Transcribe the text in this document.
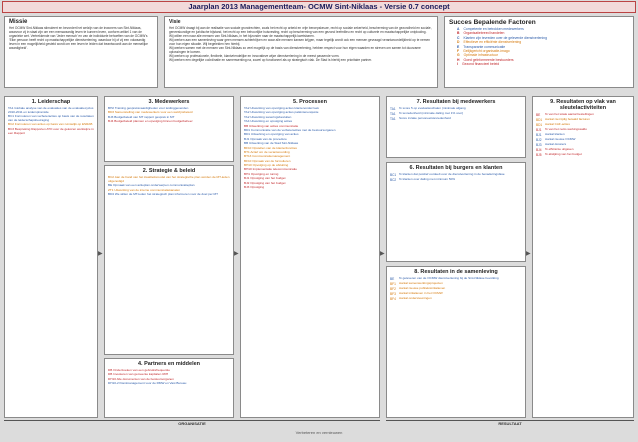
Jaarplan 2013 Managementteam- OCMW Sint-Niklaas - Versie 0.7 concept
Missie
Het OCMW Sint-Niklaas stimuleert en bevordert het welzijn van de inwoners van Sint-Niklaas, waarvoor zij in staat zijn om een menswaardig leven te kunnen leven, conform artikel 1 van de organieke wet. Vertrekkende van 'Jeder mensch' en van de individuele behoeften van de OCMW's 'Elke persoon heeft recht op maatschappelijke dienstverlening, waardoor hij of zij een volwaardig leven in een mogelijkheid gesteld wordt om een leven te leiden dat beantwoordt aan de menselijke waardigheid'.
Visie
Het OCMW draagt bij aan de realisatie van sociale grondrechten, zoals het recht op arbeid en vrije beroepskeuze, recht op sociale zekerheid, bescherming van de gezondheid en sociale, geneeskundige en juridische bijstand, het recht op een behoorlijke huisvesting, recht op bescherming van een gezond leefmilieu en recht op culturele en maatschappelijke ontplooiing.
Wij willen een naar alle mensen van Sint-Niklaas, in het bijzonder naar de maatschappelijk kwetsbaren.
Wij werken aan een samenleving waar geen mensen achterblijven en waar alle mensen kansen krijgen, maar tegelijk wordt ook een mensen gevraagd verantwoordelijkheid op te nemen voor hun eigen situatie. Wij begeleiden hen hierbij.
Wij werken samen met de mensen van Sint-Niklaas zo veel mogelijk op de basis van dienstverlening, hebben respect voor hun eigen waarden en streven om samen tot duurzame oplossingen te komen.
Wij werken op professionele, flexibele, klantvriendelijke en innovatieve wijze dienstverlening in de meest passende vorm.
Wij werken een degelijke coördinatie en samenwerking na, zowel op functioneel als op strategisch vlak. De Stad is hierbij een prioritaire partner.
Succes Bepalende Factoren
A Competente en betrokken medewerkers
B Organisatiebreed handelen
C Klanten zijn tevreden over de geleverde dienstverlening
D Effectieve en efficiënte dienstverlening
E Transparante communicatie
F Gelijkgericht organisatie-imago
G Optimale infrastructuur
H Goed geïnformeerde bestuurders
I Gezond financieel beleid
1. Leiderschap
TA1 Globale analyse van de evaluaties van de evaluatiecyclus 2010-2011 en leiderspiramide
BC1 Formuleren van verbeteracties op basis van de resultaten van de leiderschapsbevraging
BC2 Formuleren van acties op basis van ruimtelijk op ESRAB
BC3 Bespreking Rapporten ATO over de gekozen werkwijze in een Rapport
3. Medewerkers
BH2 Training gespreksvaardigheden voor leidinggevenden
BD3 Samenstelling van medewerkers voor een welzijnsbeleid
BJ3 Budgetbeleid van MT rapport gesprek in MT
BJ4 Budgetbeleid plannen en opvolging binnen budgetbeheer
2. Strategie & beleid
BC2 Aan de hand van het kwaliteitsmodel van het strategische plan worden de MT-leden uitgenodigd
BE Opmaak van een actieplan onderwerpen communicatieplan
ZT1 Uitwerking van de interne communicatiekanalen
BD4 We willen de MT-leden het strategisch plan informeren voor de doel per MT
4. Partners en middelen
DB Onderzoeken van een gebruiksfrequentie
DB Investeren van gemeente kapitalen IWH
DH10 Alle documenten van de bestuursorganen
DH10-2 Klantmanagement voor de RMW en Vast Bureau
5. Processen
TA2 Uitwerking van opvolging acties klantenonderzoek
TA2 Uitwerking van opvolging acties patiëntenenquête
TA2 Uitwerking saneringsbesluiten
TA4 Uitwerking en opvolging acties
BB Uitwerking van acties communicatie
BD1 Communicatie van de verbeteracties met de bestuursorganen
BD1 Uitwerking en opvolging van acties
BJ1 Opmaak van de procedure
BB Uitwerking van de Stad Sint-Niklaas
BF10 Opstellen van de klantenfuncties
BT1 Actief om de verantwoording
BT13 Communicatiemanagement
BF10 Opmaak van de formulieren
BH10 Opvolging op de afsluiting
BH10 Implementatie telecommunicatie
BH1 Opvolging en tuning
BJ1 Opvolging van het budget
BJ2 Opvolging van het budget
BJ3 Opvolging
7. Resultaten bij medewerkers
TA1	% score 5 op evaluatieschalen (minimale afgang
TA1	% tevredenheid (minimale daling met 1% voor)
TA1	Score inzake personeelstevredenheid
6. Resultaten bij burgers en klanten
BC1 % klanten dat positief oordeelt over de dienstverlening in de benaderingsfase
BC2 % klanten over daling met minimum 50%
8. Resultaten in de samenleving
BE	% geleveren van de OCMW dienstverlening bij de Sint-Niklase bevolking
BF1	Aantal samenwerkingsprojecten
BF2	Aantal nieuwe publieksinitiatieven
BF3	Aantal initiatieven in het OCMW
BF4	Aantal ondersteuningen
9. Resultaten op vlak van sleutelactiviteiten
BE	% van het totale aantal bestellingen
BD1 Aantal niet tijdig betaald facturen
BD1 Aantal CAF-acties
BJ1	% van het netto werkingssaldo
BJ1	Aantal klanten
BJ2	Aantal nieuwe OCMW
BJ3	Aantal dossiers
BJ4	% efficiënte uitgaven
BJ5	% afwijking van het budget
▶	▶	▶	▶
ORGANISATIE	RESULTAAT
Verbeteren en vernieuwen
